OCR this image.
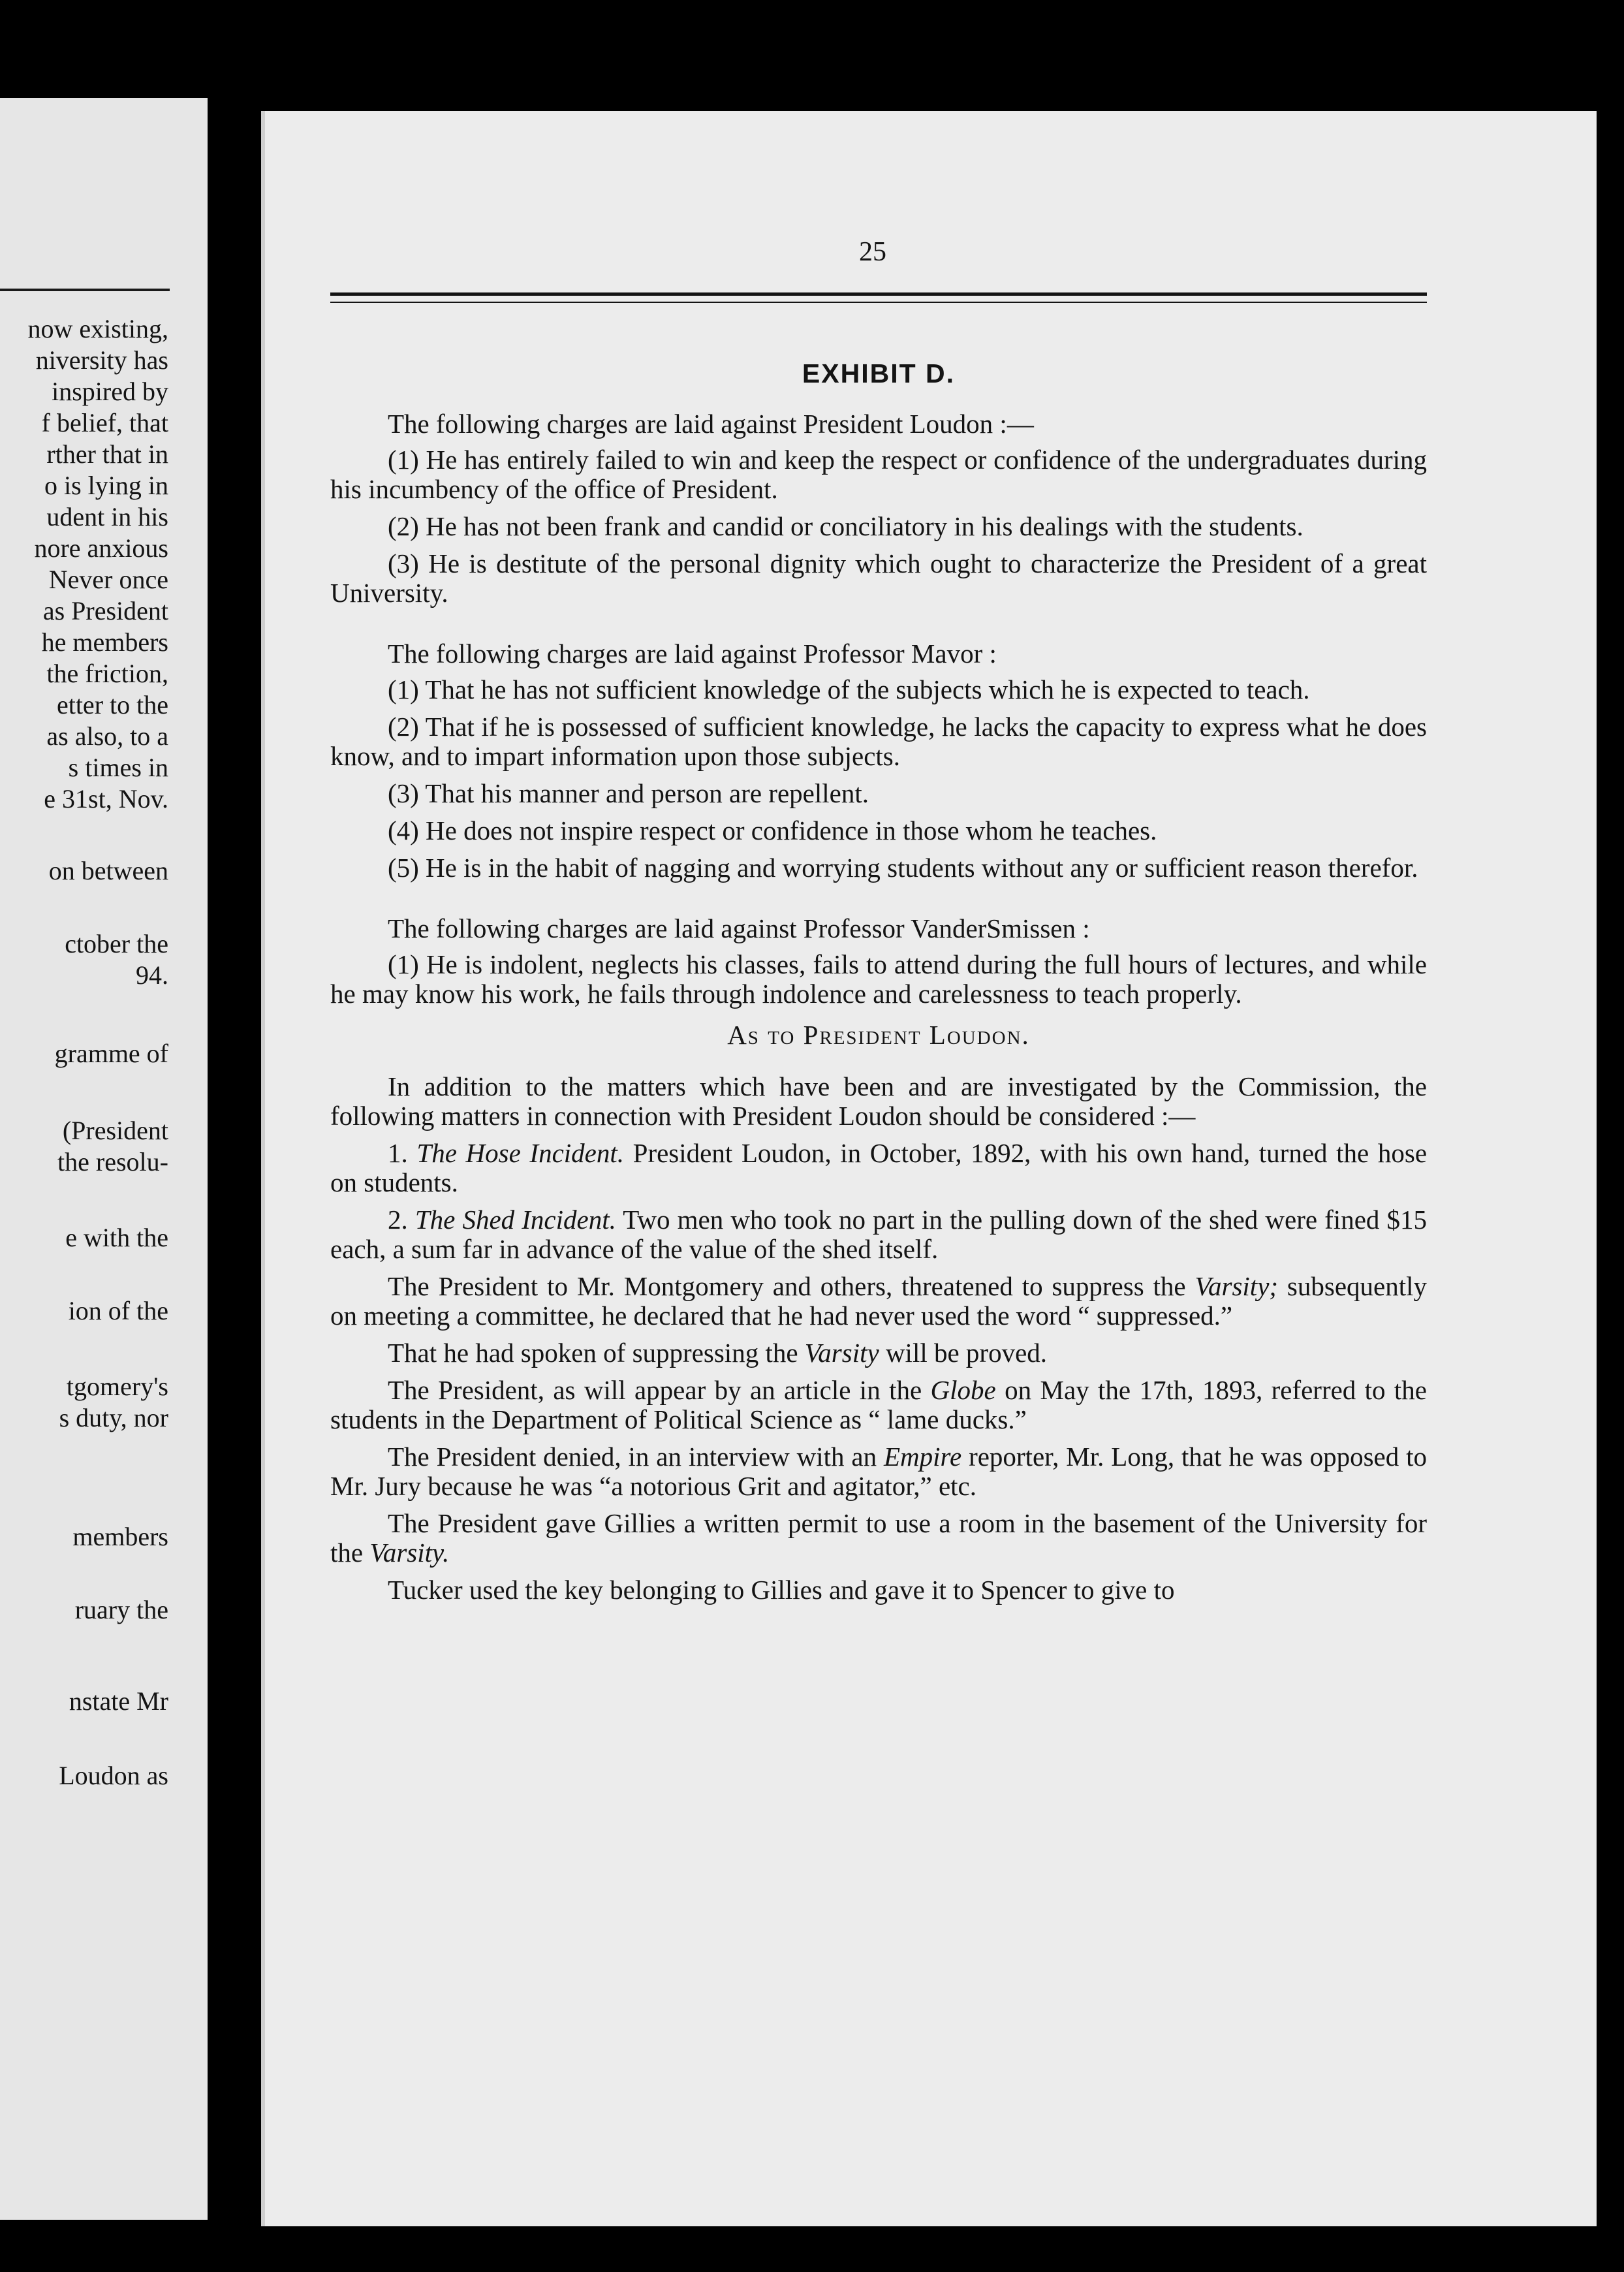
now existing,
niversity has
inspired by
f belief, that
rther that in
o is lying in
udent in his
nore anxious
Never once
as President
he members
the friction,
etter to the
as also, to a
s times in
e 31st, Nov.
on between
ctober the
94.
gramme of
(President
the resolu-
e with the
ion of the
tgomery's
s duty, nor
members
ruary the
nstate Mr
Loudon as
25
EXHIBIT D.

The following charges are laid against President Loudon :—

(1) He has entirely failed to win and keep the respect or confidence of the undergraduates during his incumbency of the office of President.

(2) He has not been frank and candid or conciliatory in his dealings with the students.

(3) He is destitute of the personal dignity which ought to characterize the President of a great University.

The following charges are laid against Professor Mavor :

(1) That he has not sufficient knowledge of the subjects which he is expected to teach.

(2) That if he is possessed of sufficient knowledge, he lacks the capacity to express what he does know, and to impart information upon those subjects.

(3) That his manner and person are repellent.

(4) He does not inspire respect or confidence in those whom he teaches.

(5) He is in the habit of nagging and worrying students without any or sufficient reason therefor.

The following charges are laid against Professor VanderSmissen :

(1) He is indolent, neglects his classes, fails to attend during the full hours of lectures, and while he may know his work, he fails through indolence and carelessness to teach properly.

As to President Loudon.

In addition to the matters which have been and are investigated by the Commission, the following matters in connection with President Loudon should be considered :—

1. The Hose Incident. President Loudon, in October, 1892, with his own hand, turned the hose on students.

2. The Shed Incident. Two men who took no part in the pulling down of the shed were fined $15 each, a sum far in advance of the value of the shed itself.

The President to Mr. Montgomery and others, threatened to suppress the Varsity; subsequently on meeting a committee, he declared that he had never used the word “ suppressed.”

That he had spoken of suppressing the Varsity will be proved.

The President, as will appear by an article in the Globe on May the 17th, 1893, referred to the students in the Department of Political Science as “ lame ducks.”

The President denied, in an interview with an Empire reporter, Mr. Long, that he was opposed to Mr. Jury because he was “a notorious Grit and agitator,” etc.

The President gave Gillies a written permit to use a room in the basement of the University for the Varsity.

Tucker used the key belonging to Gillies and gave it to Spencer to give to
